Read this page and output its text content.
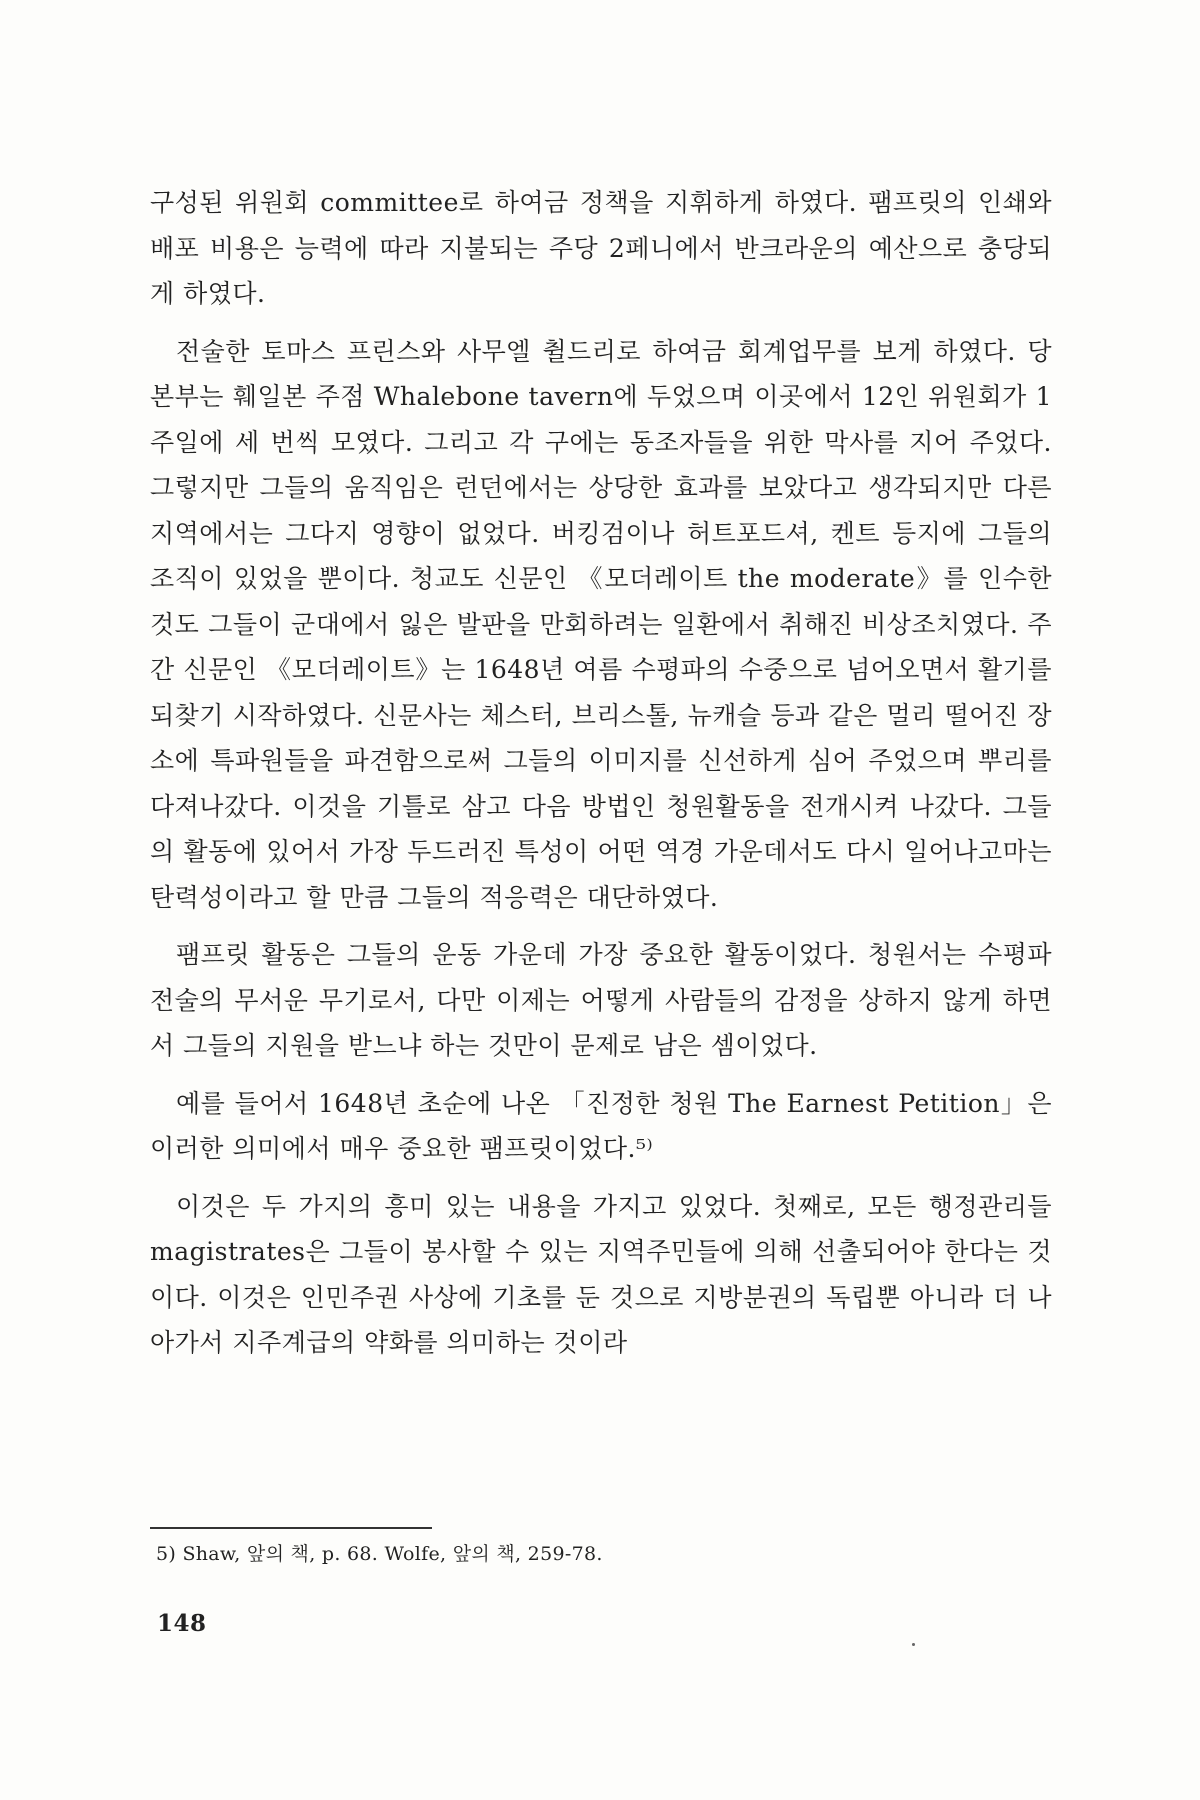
구성된 위원회 committee로 하여금 정책을 지휘하게 하였다. 팸프릿의 인쇄와 배포 비용은 능력에 따라 지불되는 주당 2페니에서 반크라운의 예산으로 충당되게 하였다.

전술한 토마스 프린스와 사무엘 췰드리로 하여금 회계업무를 보게 하였다. 당 본부는 훼일본 주점 Whalebone tavern에 두었으며 이곳에서 12인 위원회가 1주일에 세 번씩 모였다. 그리고 각 구에는 동조자들을 위한 막사를 지어 주었다. 그렇지만 그들의 움직임은 런던에서는 상당한 효과를 보았다고 생각되지만 다른 지역에서는 그다지 영향이 없었다. 버킹검이나 허트포드셔, 켄트 등지에 그들의 조직이 있었을 뿐이다. 청교도 신문인 《모더레이트 the moderate》를 인수한 것도 그들이 군대에서 잃은 발판을 만회하려는 일환에서 취해진 비상조치였다. 주간 신문인 《모더레이트》는 1648년 여름 수평파의 수중으로 넘어오면서 활기를 되찾기 시작하였다. 신문사는 체스터, 브리스톨, 뉴캐슬 등과 같은 멀리 떨어진 장소에 특파원들을 파견함으로써 그들의 이미지를 신선하게 심어 주었으며 뿌리를 다져나갔다. 이것을 기틀로 삼고 다음 방법인 청원활동을 전개시켜 나갔다. 그들의 활동에 있어서 가장 두드러진 특성이 어떤 역경 가운데서도 다시 일어나고마는 탄력성이라고 할 만큼 그들의 적응력은 대단하였다.

팸프릿 활동은 그들의 운동 가운데 가장 중요한 활동이었다. 청원서는 수평파 전술의 무서운 무기로서, 다만 이제는 어떻게 사람들의 감정을 상하지 않게 하면서 그들의 지원을 받느냐 하는 것만이 문제로 남은 셈이었다.

예를 들어서 1648년 초순에 나온 「진정한 청원 The Earnest Petition」은 이러한 의미에서 매우 중요한 팸프릿이었다.⁵⁾

이것은 두 가지의 흥미 있는 내용을 가지고 있었다. 첫째로, 모든 행정관리들 magistrates은 그들이 봉사할 수 있는 지역주민들에 의해 선출되어야 한다는 것이다. 이것은 인민주권 사상에 기초를 둔 것으로 지방분권의 독립뿐 아니라 더 나아가서 지주계급의 약화를 의미하는 것이라

5) Shaw, 앞의 책, p. 68. Wolfe, 앞의 책, 259-78.
148
